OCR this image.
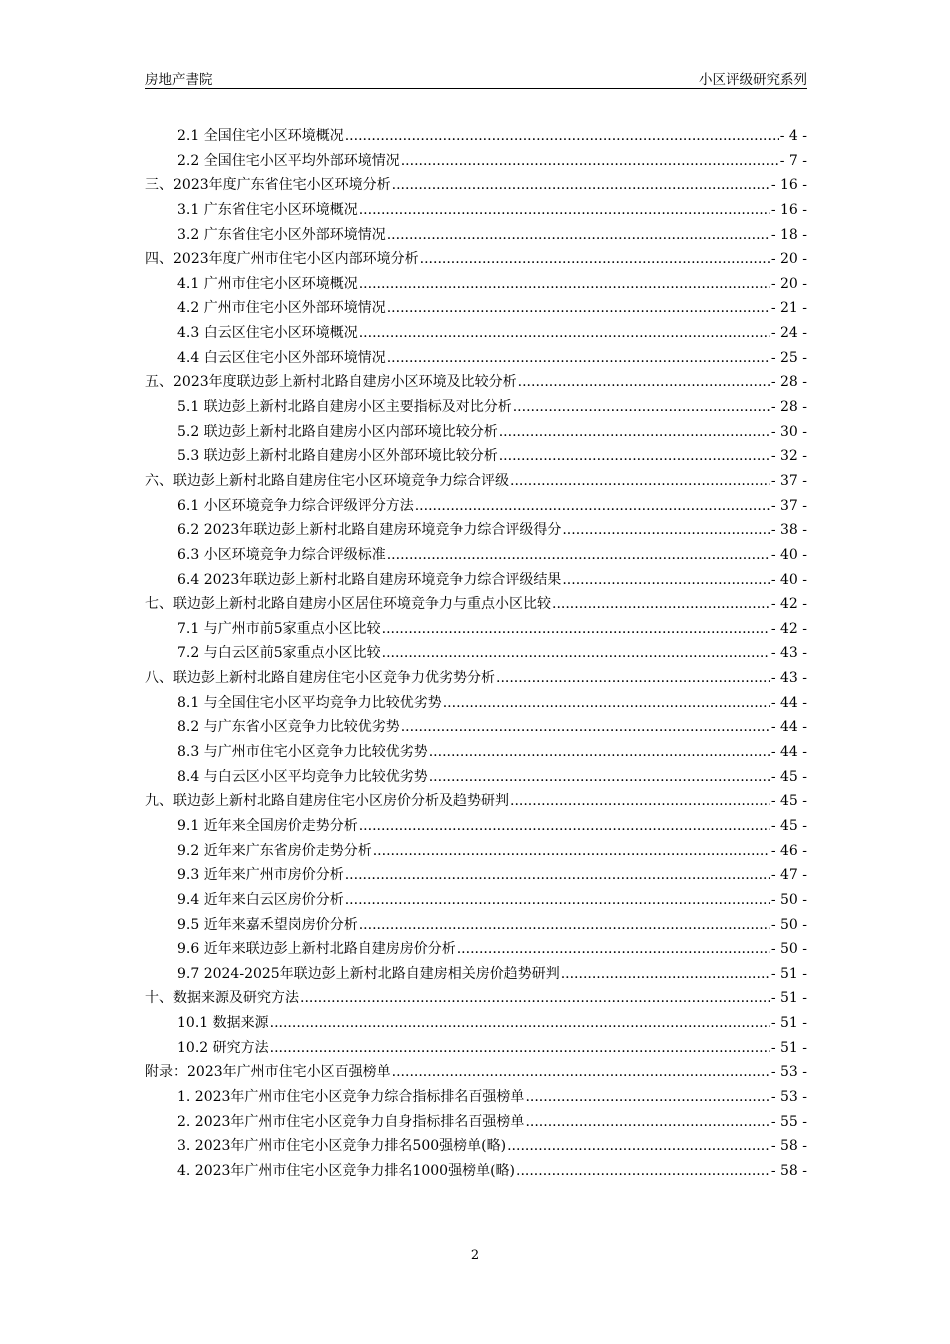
房地产書院	小区评级研究系列
2.1 全国住宅小区环境概况 .....	- 4 -
2.2 全国住宅小区平均外部环境情况 .....	- 7 -
三、2023年度广东省住宅小区环境分析 .....	- 16 -
3.1 广东省住宅小区环境概况 .....	- 16 -
3.2 广东省住宅小区外部环境情况 .....	- 18 -
四、2023年度广州市住宅小区内部环境分析 .....	- 20 -
4.1 广州市住宅小区环境概况 .....	- 20 -
4.2 广州市住宅小区外部环境情况 .....	- 21 -
4.3 白云区住宅小区环境概况 .....	- 24 -
4.4 白云区住宅小区外部环境情况 .....	- 25 -
五、2023年度联边彭上新村北路自建房小区环境及比较分析 .....	- 28 -
5.1 联边彭上新村北路自建房小区主要指标及对比分析 .....	- 28 -
5.2 联边彭上新村北路自建房小区内部环境比较分析 .....	- 30 -
5.3 联边彭上新村北路自建房小区外部环境比较分析 .....	- 32 -
六、联边彭上新村北路自建房住宅小区环境竞争力综合评级 .....	- 37 -
6.1 小区环境竞争力综合评级评分方法 .....	- 37 -
6.2 2023年联边彭上新村北路自建房环境竞争力综合评级得分 .....	- 38 -
6.3 小区环境竞争力综合评级标准 .....	- 40 -
6.4 2023年联边彭上新村北路自建房环境竞争力综合评级结果 .....	- 40 -
七、联边彭上新村北路自建房小区居住环境竞争力与重点小区比较 .....	- 42 -
7.1 与广州市前5家重点小区比较 .....	- 42 -
7.2 与白云区前5家重点小区比较 .....	- 43 -
八、联边彭上新村北路自建房住宅小区竞争力优劣势分析 .....	- 43 -
8.1 与全国住宅小区平均竞争力比较优劣势 .....	- 44 -
8.2 与广东省小区竞争力比较优劣势 .....	- 44 -
8.3 与广州市住宅小区竞争力比较优劣势 .....	- 44 -
8.4 与白云区小区平均竞争力比较优劣势 .....	- 45 -
九、联边彭上新村北路自建房住宅小区房价分析及趋势研判 .....	- 45 -
9.1 近年来全国房价走势分析 .....	- 45 -
9.2 近年来广东省房价走势分析 .....	- 46 -
9.3 近年来广州市房价分析 .....	- 47 -
9.4 近年来白云区房价分析 .....	- 50 -
9.5 近年来嘉禾望岗房价分析 .....	- 50 -
9.6 近年来联边彭上新村北路自建房房价分析 .....	- 50 -
9.7 2024-2025年联边彭上新村北路自建房相关房价趋势研判 .....	- 51 -
十、数据来源及研究方法 .....	- 51 -
10.1 数据来源 .....	- 51 -
10.2 研究方法 .....	- 51 -
附录：2023年广州市住宅小区百强榜单 .....	- 53 -
1. 2023年广州市住宅小区竞争力综合指标排名百强榜单 .....	- 53 -
2. 2023年广州市住宅小区竞争力自身指标排名百强榜单 .....	- 55 -
3. 2023年广州市住宅小区竞争力排名500强榜单(略) .....	- 58 -
4. 2023年广州市住宅小区竞争力排名1000强榜单(略) .....	- 58 -
2
